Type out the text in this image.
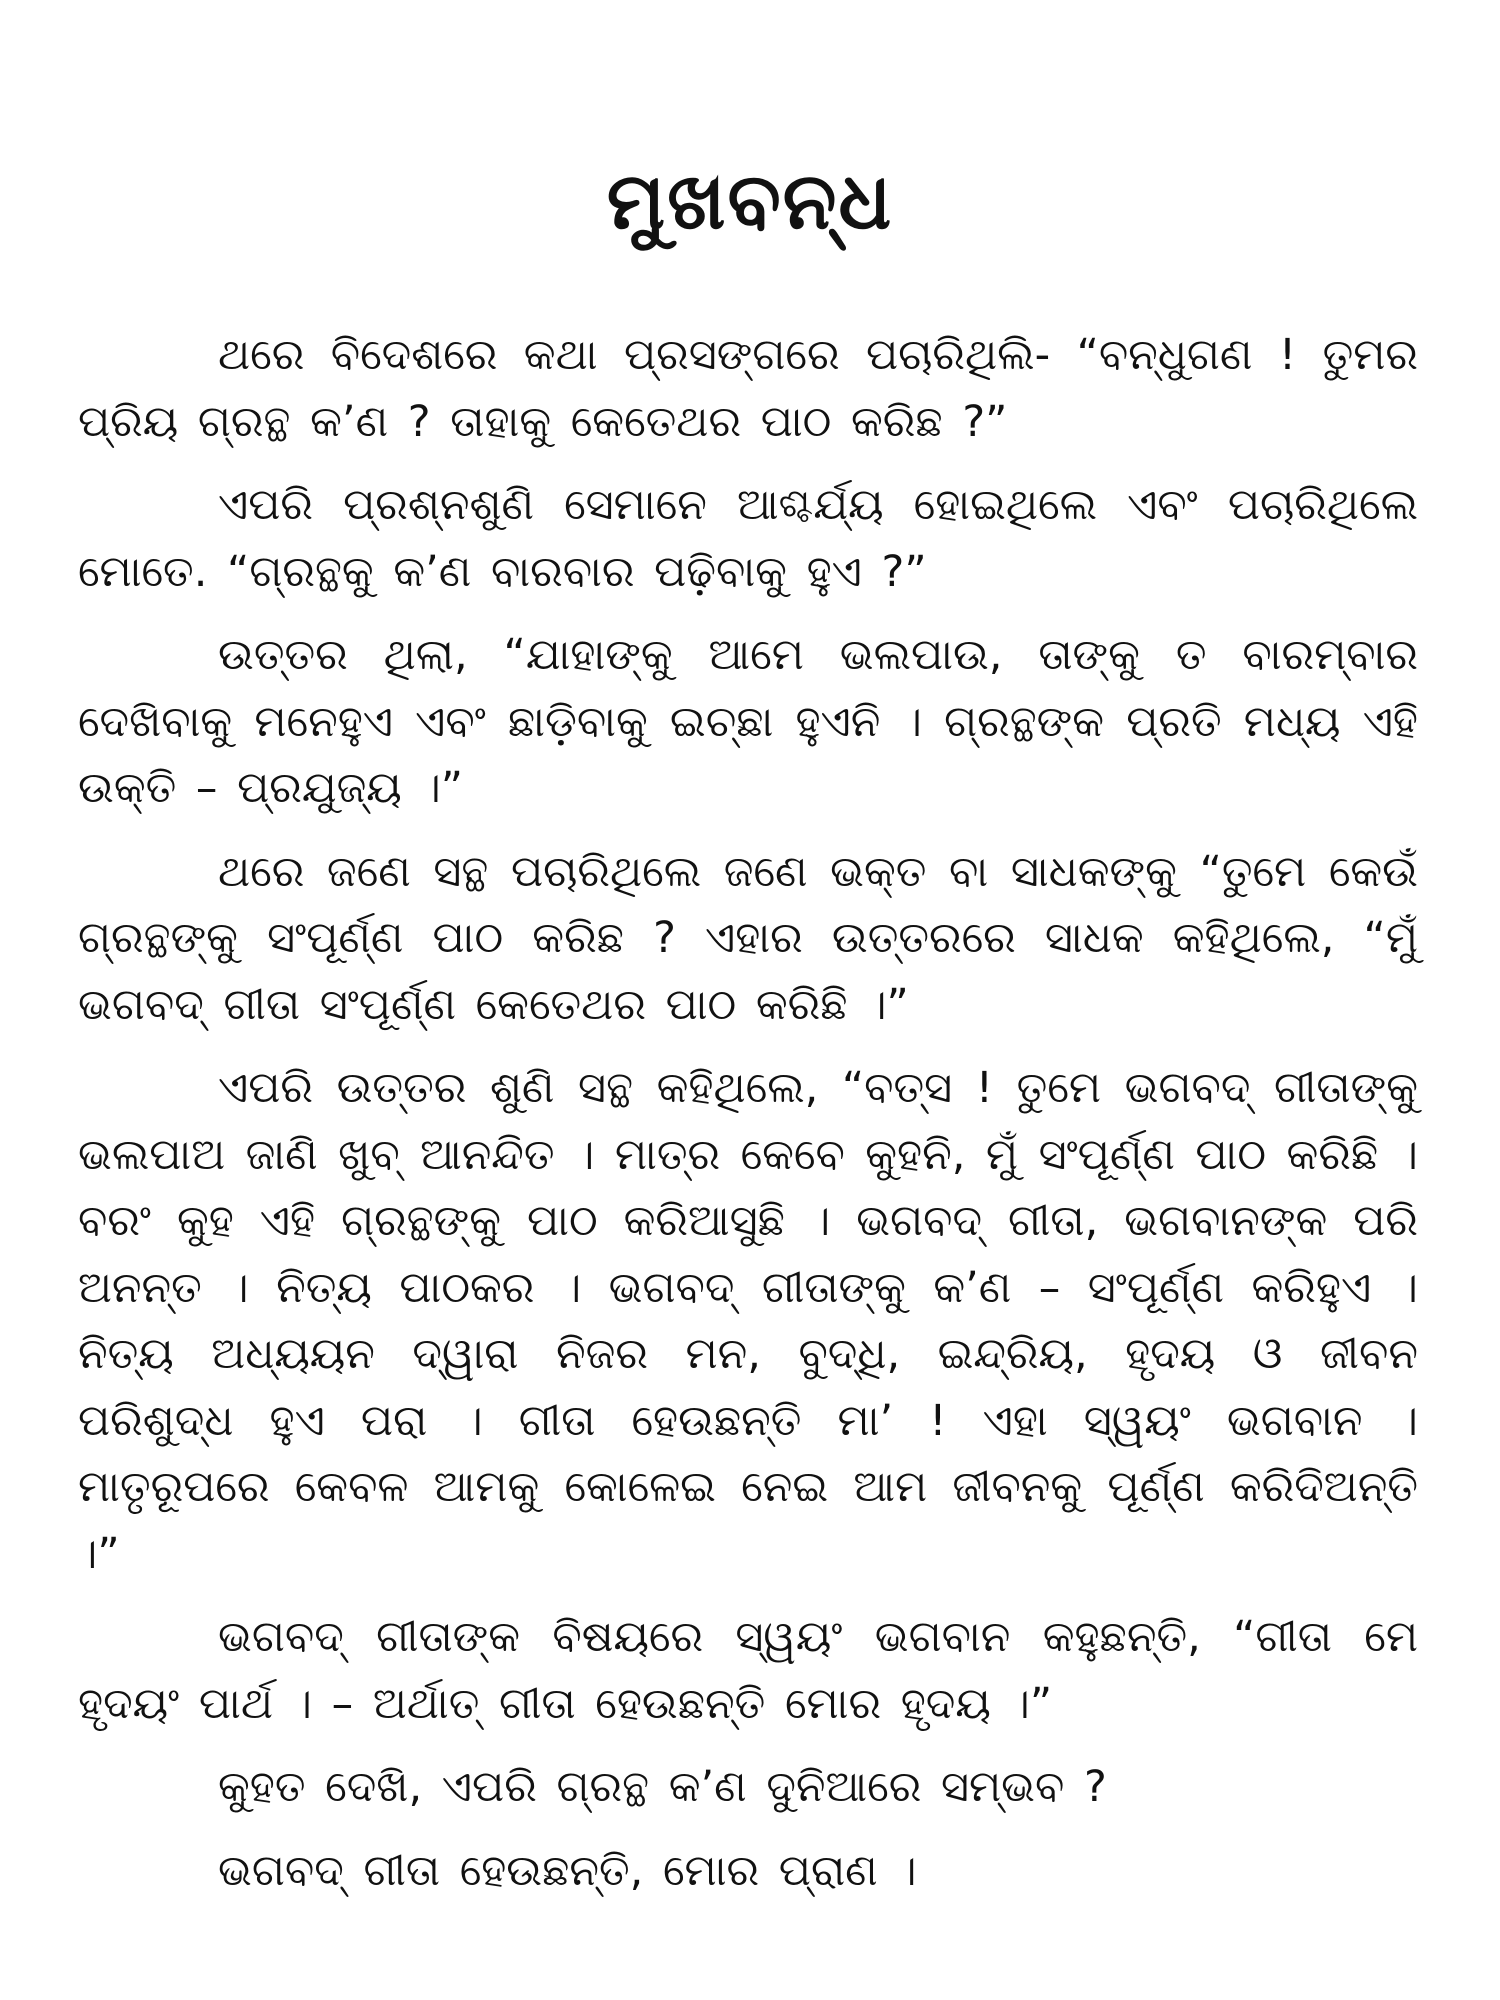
ମୁଖବନ୍ଧ

ଥରେ ବିଦେଶରେ କଥା ପ୍ରସଙ୍ଗରେ ପଚାରିଥିଲି- “ବନ୍ଧୁଗଣ ! ତୁମର ପ୍ରିୟ ଗ୍ରନ୍ଥ କ’ଣ ? ତାହାକୁ କେତେଥର ପାଠ କରିଛ ?”

ଏପରି ପ୍ରଶ୍ନଶୁଣି ସେମାନେ ଆଶ୍ଚର୍ଯ୍ୟ ହୋଇଥିଲେ ଏବଂ ପଚାରିଥିଲେ ମୋତେ. “ଗ୍ରନ୍ଥକୁ କ’ଣ ବାରବାର ପଢ଼ିବାକୁ ହୁଏ ?”

ଉତ୍ତର ଥିଲା, “ଯାହାଙ୍କୁ ଆମେ ଭଲପାଉ, ତାଙ୍କୁ ତ ବାରମ୍ବାର ଦେଖିବାକୁ ମନେହୁଏ ଏବଂ ଛାଡ଼ିବାକୁ ଇଚ୍ଛା ହୁଏନି । ଗ୍ରନ୍ଥଙ୍କ ପ୍ରତି ମଧ୍ୟ ଏହି ଉକ୍ତି – ପ୍ରଯୁଜ୍ୟ ।”

ଥରେ ଜଣେ ସନ୍ଥ ପଚାରିଥିଲେ ଜଣେ ଭକ୍ତ ବା ସାଧକଙ୍କୁ “ତୁମେ କେଉଁ ଗ୍ରନ୍ଥଙ୍କୁ ସଂପୂର୍ଣ୍ଣ ପାଠ କରିଛ ? ଏହାର ଉତ୍ତରରେ ସାଧକ କହିଥିଲେ, “ମୁଁ ଭଗବଦ୍ ଗୀତା ସଂପୂର୍ଣ୍ଣ କେତେଥର ପାଠ କରିଛି ।”

ଏପରି ଉତ୍ତର ଶୁଣି ସନ୍ଥ କହିଥିଲେ, “ବତ୍ସ ! ତୁମେ ଭଗବଦ୍ ଗୀତାଙ୍କୁ ଭଲପାଅ ଜାଣି ଖୁବ୍ ଆନନ୍ଦିତ । ମାତ୍ର କେବେ କୁହନି, ମୁଁ ସଂପୂର୍ଣ୍ଣ ପାଠ କରିଛି । ବରଂ କୁହ ଏହି ଗ୍ରନ୍ଥଙ୍କୁ ପାଠ କରିଆସୁଛି । ଭଗବଦ୍ ଗୀତା, ଭଗବାନଙ୍କ ପରି ଅନନ୍ତ । ନିତ୍ୟ ପାଠକର । ଭଗବଦ୍ ଗୀତାଙ୍କୁ କ’ଣ – ସଂପୂର୍ଣ୍ଣ କରିହୁଏ । ନିତ୍ୟ ଅଧ୍ୟୟନ ଦ୍ୱାରା ନିଜର ମନ, ବୁଦ୍ଧି, ଇନ୍ଦ୍ରିୟ, ହୃଦୟ ଓ ଜୀବନ ପରିଶୁଦ୍ଧ ହୁଏ ପରା । ଗୀତା ହେଉଛନ୍ତି ମା’ ! ଏହା ସ୍ୱୟଂ ଭଗବାନ । ମାତୃରୂପରେ କେବଳ ଆମକୁ କୋଳେଇ ନେଇ ଆମ ଜୀବନକୁ ପୂର୍ଣ୍ଣ କରିଦିଅନ୍ତି ।”

ଭଗବଦ୍ ଗୀତାଙ୍କ ବିଷୟରେ ସ୍ୱୟଂ ଭଗବାନ କହୁଛନ୍ତି, “ଗୀତା ମେ ହୃଦୟଂ ପାର୍ଥ । – ଅର୍ଥାତ୍ ଗୀତା ହେଉଛନ୍ତି ମୋର ହୃଦୟ ।”

କୁହତ ଦେଖି, ଏପରି ଗ୍ରନ୍ଥ କ’ଣ ଦୁନିଆରେ ସମ୍ଭବ ?

ଭଗବଦ୍ ଗୀତା ହେଉଛନ୍ତି, ମୋର ପ୍ରାଣ ।
